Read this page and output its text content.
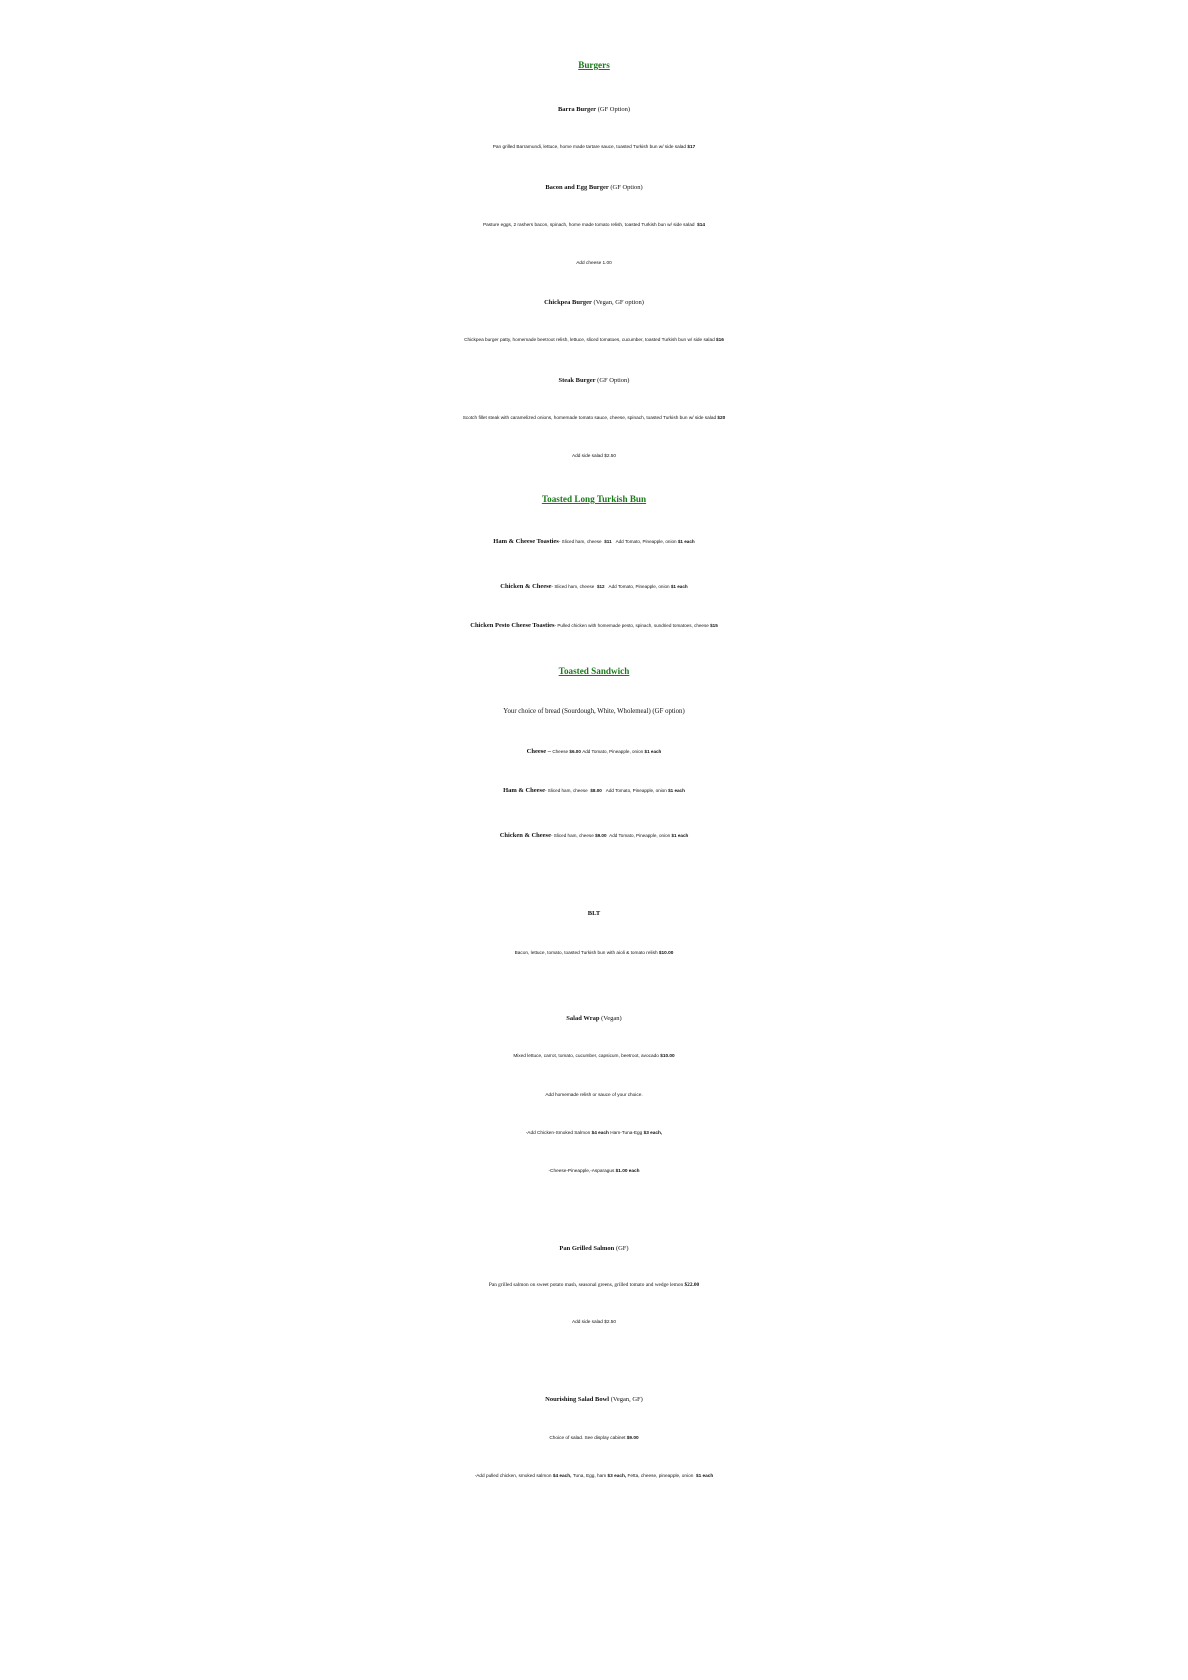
Burgers
Barra Burger (GF Option)
Pan grilled Barramundi, lettuce, home made tartare sauce, toasted Turkish bun w/ side salad $17
Bacon and Egg Burger (GF Option)
Pasture eggs, 2 rashers bacon, spinach, home made tomato relish, toasted Turkish bun w/ side salad $14
Add cheese 1.00
Chickpea Burger (Vegan, GF option)
Chickpea burger patty, homemade beetroot relish, lettuce, sliced tomatoes, cucumber, toasted Turkish bun w/ side salad $16
Steak Burger (GF Option)
Scotch fillet steak with caramelized onions, homemade tomato sauce, cheese, spinach, toasted Turkish bun w/ side salad $20
Add side salad $2.50
Toasted Long Turkish Bun
Ham & Cheese Toasties- Sliced ham, cheese $11 Add Tomato, Pineapple, onion $1 each
Chicken & Cheese- Sliced ham, cheese $12 Add Tomato, Pineapple, onion $1 each
Chicken Pesto Cheese Toasties- Pulled chicken with homemade pesto, spinach, sundried tomatoes, cheese $15
Toasted Sandwich
Your choice of bread (Sourdough, White, Wholemeal) (GF option)
Cheese – Cheese $6.00 Add Tomato, Pineapple, onion $1 each
Ham & Cheese- Sliced ham, cheese $8.00 Add Tomato, Pineapple, onion $1 each
Chicken & Cheese- Sliced ham, cheese $9.00 Add Tomato, Pineapple, onion $1 each
BLT
Bacon, lettuce, tomato, toasted Turkish bun with aioli & tomato relish $10.00
Salad Wrap (Vegan)
Mixed lettuce, carrot, tomato, cucumber, capsicum, beetroot, avocado $10.00
Add homemade relish or sauce of your choice.
-Add Chicken-Smoked Salmon $4 each Ham-Tuna-Egg $3 each,
-Cheese-Pineapple,-Asparagus $1.00 each
Pan Grilled Salmon (GF)
Pan grilled salmon on sweet potato mash, seasonal greens, grilled tomato and wedge lemon $22.00
Add side salad $2.50
Nourishing Salad Bowl (Vegan, GF)
Choice of salad. See display cabinet $9.00
-Add pulled chicken, smoked salmon $4 each, Tuna, Egg, ham $3 each, Fetta, cheese, pineapple, onion $1 each
